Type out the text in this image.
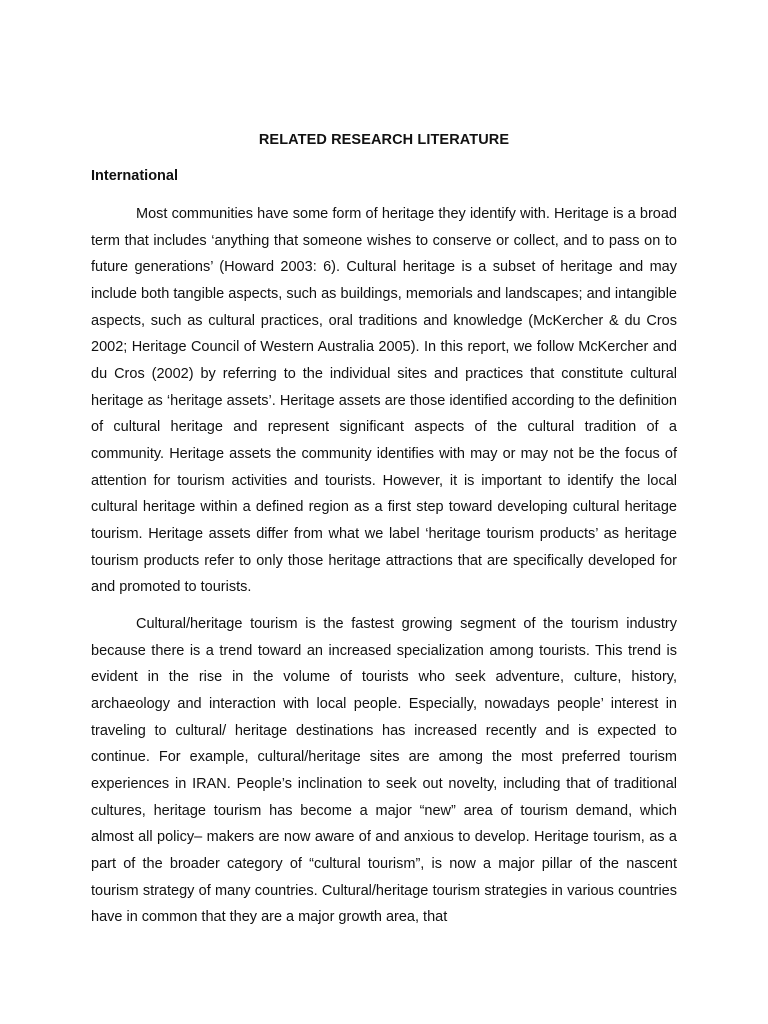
RELATED RESEARCH LITERATURE
International

Most communities have some form of heritage they identify with. Heritage is a broad term that includes ‘anything that someone wishes to conserve or collect, and to pass on to future generations’ (Howard 2003: 6). Cultural heritage is a subset of heritage and may include both tangible aspects, such as buildings, memorials and landscapes; and intangible aspects, such as cultural practices, oral traditions and knowledge (McKercher & du Cros 2002; Heritage Council of Western Australia 2005). In this report, we follow McKercher and du Cros (2002) by referring to the individual sites and practices that constitute cultural heritage as ‘heritage assets’. Heritage assets are those identified according to the definition of cultural heritage and represent significant aspects of the cultural tradition of a community. Heritage assets the community identifies with may or may not be the focus of attention for tourism activities and tourists. However, it is important to identify the local cultural heritage within a defined region as a first step toward developing cultural heritage tourism. Heritage assets differ from what we label ‘heritage tourism products’ as heritage tourism products refer to only those heritage attractions that are specifically developed for and promoted to tourists.

Cultural/heritage tourism is the fastest growing segment of the tourism industry because there is a trend toward an increased specialization among tourists. This trend is evident in the rise in the volume of tourists who seek adventure, culture, history, archaeology and interaction with local people. Especially, nowadays people’ interest in traveling to cultural/ heritage destinations has increased recently and is expected to continue. For example, cultural/heritage sites are among the most preferred tourism experiences in IRAN. People’s inclination to seek out novelty, including that of traditional cultures, heritage tourism has become a major “new” area of tourism demand, which almost all policy– makers are now aware of and anxious to develop. Heritage tourism, as a part of the broader category of “cultural tourism”, is now a major pillar of the nascent tourism strategy of many countries. Cultural/heritage tourism strategies in various countries have in common that they are a major growth area, that
